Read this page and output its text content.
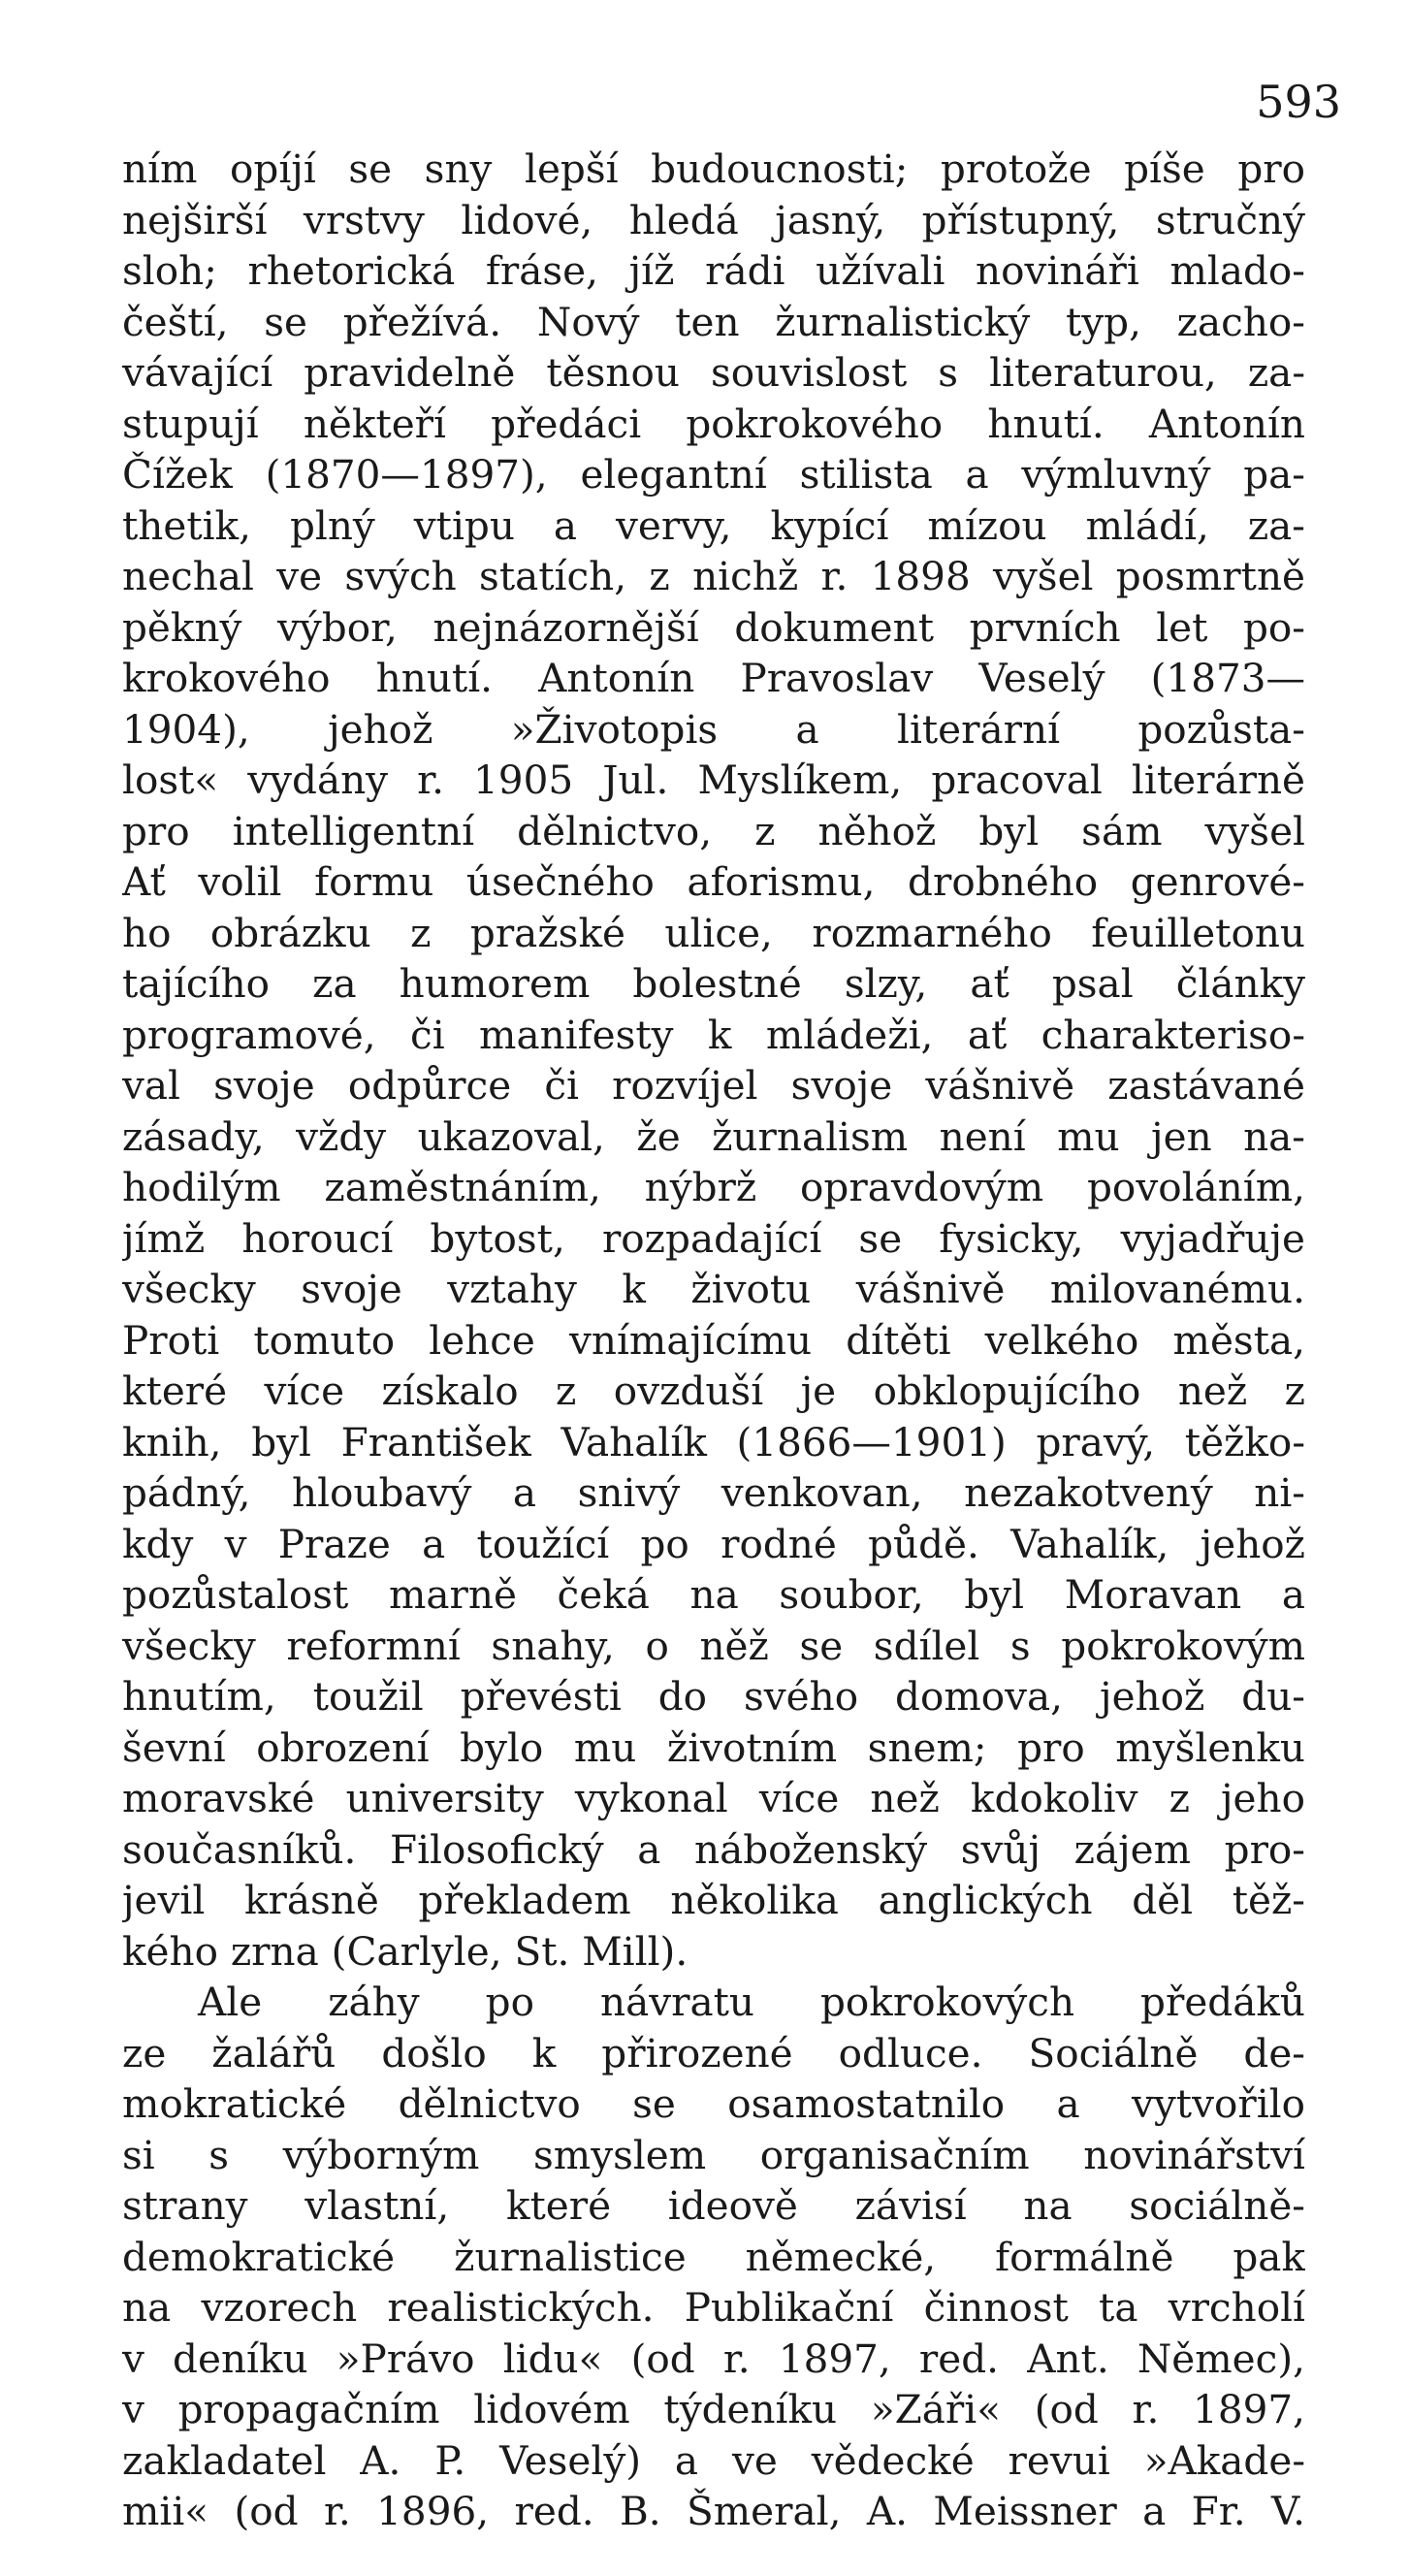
593
ním opíjí se sny lepší budoucnosti; protože píše pro
nejširší vrstvy lidové, hledá jasný, přístupný, stručný
sloh; rhetorická fráse, jíž rádi užívali novináři mlado-
čeští, se přežívá. Nový ten žurnalistický typ, zacho-
vávající pravidelně těsnou souvislost s literaturou, za-
stupují někteří předáci pokrokového hnutí. Antonín
Čížek (1870—1897), elegantní stilista a výmluvný pa-
thetik, plný vtipu a vervy, kypící mízou mládí, za-
nechal ve svých statích, z nichž r. 1898 vyšel posmrtně
pěkný výbor, nejnázornější dokument prvních let po-
krokového hnutí. Antonín Pravoslav Veselý (1873—
1904), jehož »Životopis a literární pozůsta-
lost« vydány r. 1905 Jul. Myslíkem, pracoval literárně
pro intelligentní dělnictvo, z něhož byl sám vyšel
Ať volil formu úsečného aforismu, drobného genrové-
ho obrázku z pražské ulice, rozmarného feuilletonu
tajícího za humorem bolestné slzy, ať psal články
programové, či manifesty k mládeži, ať charakteriso-
val svoje odpůrce či rozvíjel svoje vášnivě zastávané
zásady, vždy ukazoval, že žurnalism není mu jen na-
hodilým zaměstnáním, nýbrž opravdovým povoláním,
jímž horoucí bytost, rozpadající se fysicky, vyjadřuje
všecky svoje vztahy k životu vášnivě milovanému.
Proti tomuto lehce vnímajícímu dítěti velkého města,
které více získalo z ovzduší je obklopujícího než z
knih, byl František Vahalík (1866—1901) pravý, těžko-
pádný, hloubavý a snivý venkovan, nezakotvený ni-
kdy v Praze a toužící po rodné půdě. Vahalík, jehož
pozůstalost marně čeká na soubor, byl Moravan a
všecky reformní snahy, o něž se sdílel s pokrokovým
hnutím, toužil převésti do svého domova, jehož du-
ševní obrození bylo mu životním snem; pro myšlenku
moravské university vykonal více než kdokoliv z jeho
současníků. Filosofický a náboženský svůj zájem pro-
jevil krásně překladem několika anglických děl těž-
kého zrna (Carlyle, St. Mill).
Ale záhy po návratu pokrokových předáků
ze žalářů došlo k přirozené odluce. Sociálně de-
mokratické dělnictvo se osamostatnilo a vytvořilo
si s výborným smyslem organisačním novinářství
strany vlastní, které ideově závisí na sociálně-
demokratické žurnalistice německé, formálně pak
na vzorech realistických. Publikační činnost ta vrcholí
v deníku »Právo lidu« (od r. 1897, red. Ant. Němec),
v propagačním lidovém týdeníku »Záři« (od r. 1897,
zakladatel A. P. Veselý) a ve vědecké revui »Akade-
mii« (od r. 1896, red. B. Šmeral, A. Meissner a Fr. V.
